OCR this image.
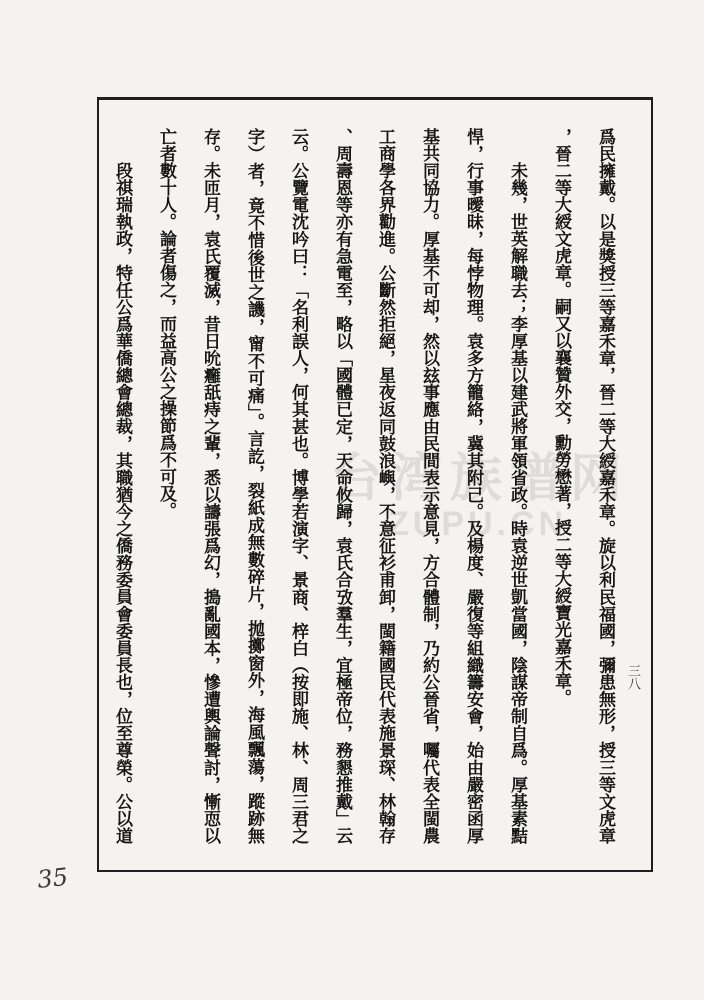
台湾族谱网
ZUPU.CN 爲民擁戴。以是獎授三等嘉禾章，晉二等大綬嘉禾章。旋以利民福國，彌患無形，授三等文虎章
，晉二等大綬文虎章。嗣又以襄贊外交，勳勞懋著，授二等大綬寶光嘉禾章。
未幾，世英解職去；李厚基以建武將軍領省政。時袁逆世凱當國，陰謀帝制自爲。厚基素黠
悍，行事曖昧，每悖物理。袁多方籠絡，冀其附己。及楊度、嚴復等組織籌安會，始由嚴密函厚
基共同協力。厚基不可却，然以玆事應由民間表示意見，方合體制，乃約公晉省，囑代表全閩農
工商學各界勸進。公斷然拒絕，星夜返同鼓浪嶼，不意征衫甫卸，閩籍國民代表施景琛、林翰存
、周壽恩等亦有急電至，略以「國體已定，天命攸歸，袁氏合攷羣生，宜極帝位，務懇推戴」云
云。公覽電沈吟曰：「名利誤人，何其甚也。博學若演字、景商、梓白（按即施、林、周三君之
字）者，竟不惜後世之譏，甯不可痛」。言訖，裂紙成無數碎片，拋擲窗外，海風飄蕩，蹤跡無
存。未匝月，袁氏覆滅，昔日吮癰舐痔之輩，悉以譸張爲幻，搗亂國本，慘遭輿論聲討，慚恧以
亡者數十人。論者傷之，而益高公之操節爲不可及。
段祺瑞執政，特任公爲華僑總會總裁，其職猶今之僑務委員會委員長也，位至尊榮。公以道	三八
35
